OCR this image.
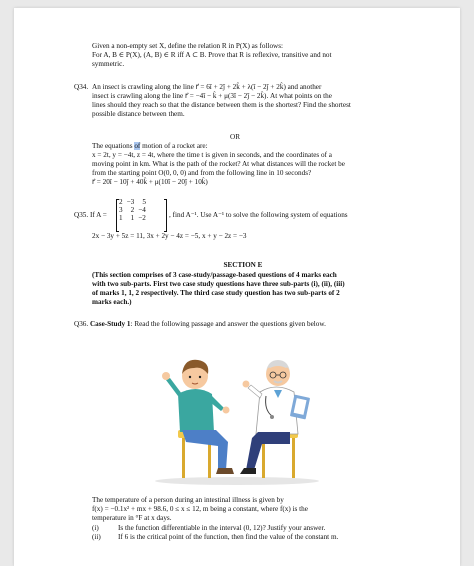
Given a non-empty set X, define the relation R in P(X) as follows:
For A, B ∈ P(X), (A, B) ∈ R iff A ⊂ B. Prove that R is reflexive, transitive and not
symmetric.
Q34. An insect is crawling along the line r⃗ = 6î + 2ĵ + 2k̂ + λ(î − 2ĵ + 2k̂) and another
insect is crawling along the line r⃗ = −4î − k̂ + μ(3î − 2ĵ − 2k̂). At what points on the
lines should they reach so that the distance between them is the shortest? Find the shortest
possible distance between them.
OR
The equations of motion of a rocket are:
x = 2t, y = −4t, z = 4t, where the time t is given in seconds, and the coordinates of a
moving point in km. What is the path of the rocket? At what distances will the rocket be
from the starting point O(0, 0, 0) and from the following line in 10 seconds?
r⃗ = 20î − 10ĵ + 40k̂ + μ(10î − 20ĵ + 10k̂)
Q35. If A =
2	−3	5
3	2	−4
1	1	−2	, find A⁻¹. Use A⁻¹ to solve the following system of equations
2x − 3y + 5z = 11, 3x + 2y − 4z = −5, x + y − 2z = −3
SECTION E
(This section comprises of 3 case-study/passage-based questions of 4 marks each
with two sub-parts. First two case study questions have three sub-parts (i), (ii), (iii)
of marks 1, 1, 2 respectively. The third case study question has two sub-parts of 2
marks each.)
Q36. Case-Study 1: Read the following passage and answer the questions given below.
The temperature of a person during an intestinal illness is given by
f(x) = −0.1x² + mx + 98.6, 0 ≤ x ≤ 12, m being a constant, where f(x) is the
temperature in °F at x days.
(i)	Is the function differentiable in the interval (0, 12)? Justify your answer.
(ii) If 6 is the critical point of the function, then find the value of the constant m.
